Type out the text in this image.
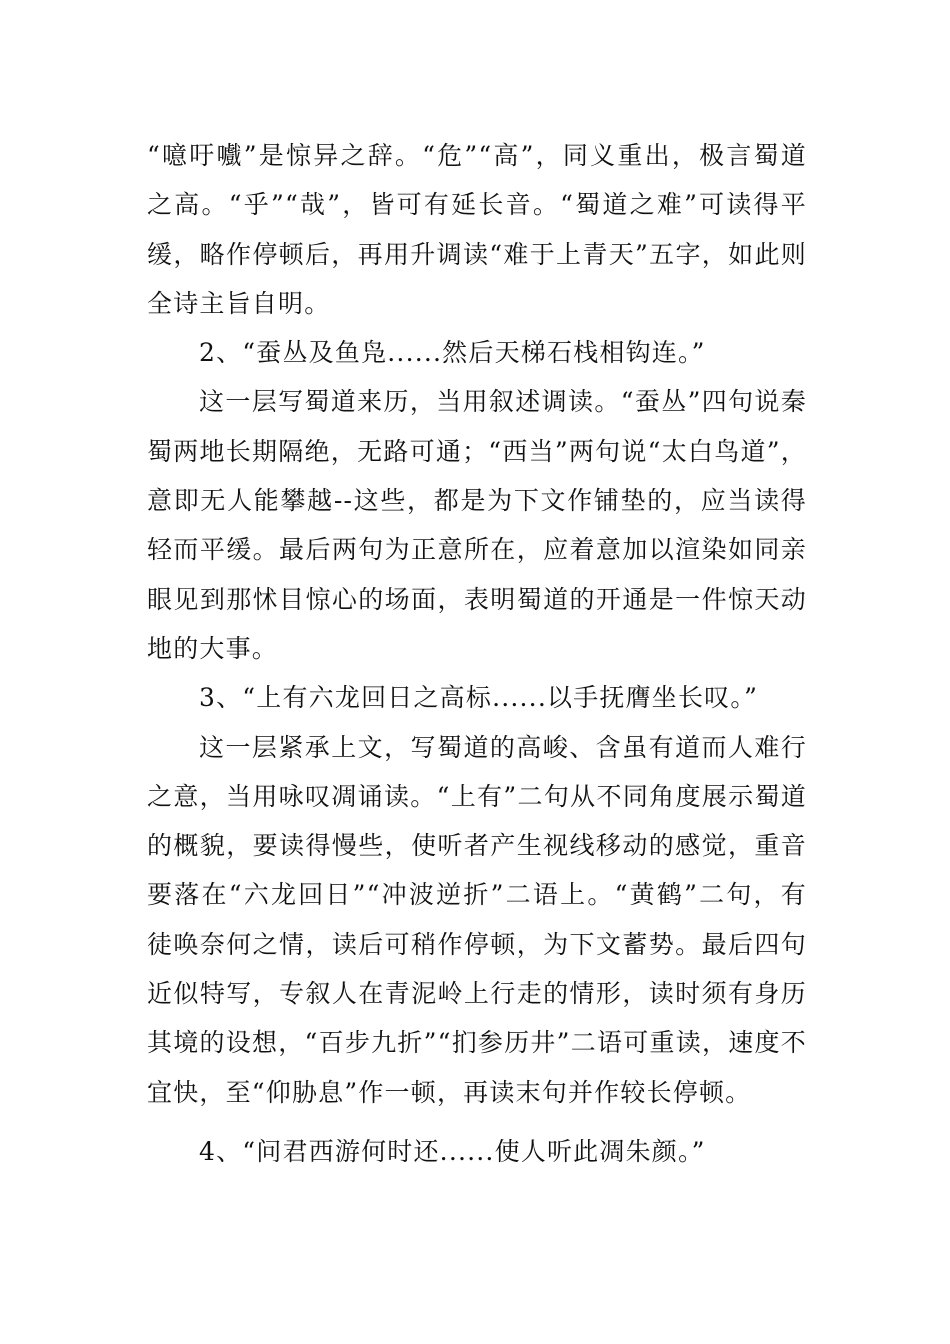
“噫吁嚱”是惊异之辞。“危”“高”，同义重出，极言蜀道之高。“乎”“哉”，皆可有延长音。“蜀道之难”可读得平缓，略作停顿后，再用升调读“难于上青天”五字，如此则全诗主旨自明。

2、“蚕丛及鱼凫......然后天梯石栈相钩连。”

这一层写蜀道来历，当用叙述调读。“蚕丛”四句说秦蜀两地长期隔绝，无路可通；“西当”两句说“太白鸟道”，意即无人能攀越--这些，都是为下文作铺垫的，应当读得轻而平缓。最后两句为正意所在，应着意加以渲染如同亲眼见到那怵目惊心的场面，表明蜀道的开通是一件惊天动地的大事。

3、“上有六龙回日之高标......以手抚膺坐长叹。”

这一层紧承上文，写蜀道的高峻、含虽有道而人难行之意，当用咏叹凋诵读。“上有”二句从不同角度展示蜀道的概貌，要读得慢些，使听者产生视线移动的感觉，重音要落在“六龙回日”“冲波逆折”二语上。“黄鹤”二句，有徒唤奈何之情，读后可稍作停顿，为下文蓄势。最后四句近似特写，专叙人在青泥岭上行走的情形，读时须有身历其境的设想，“百步九折”“扪参历井”二语可重读，速度不宜快，至“仰胁息”作一顿，再读末句并作较长停顿。

4、“问君西游何时还......使人听此凋朱颜。”
